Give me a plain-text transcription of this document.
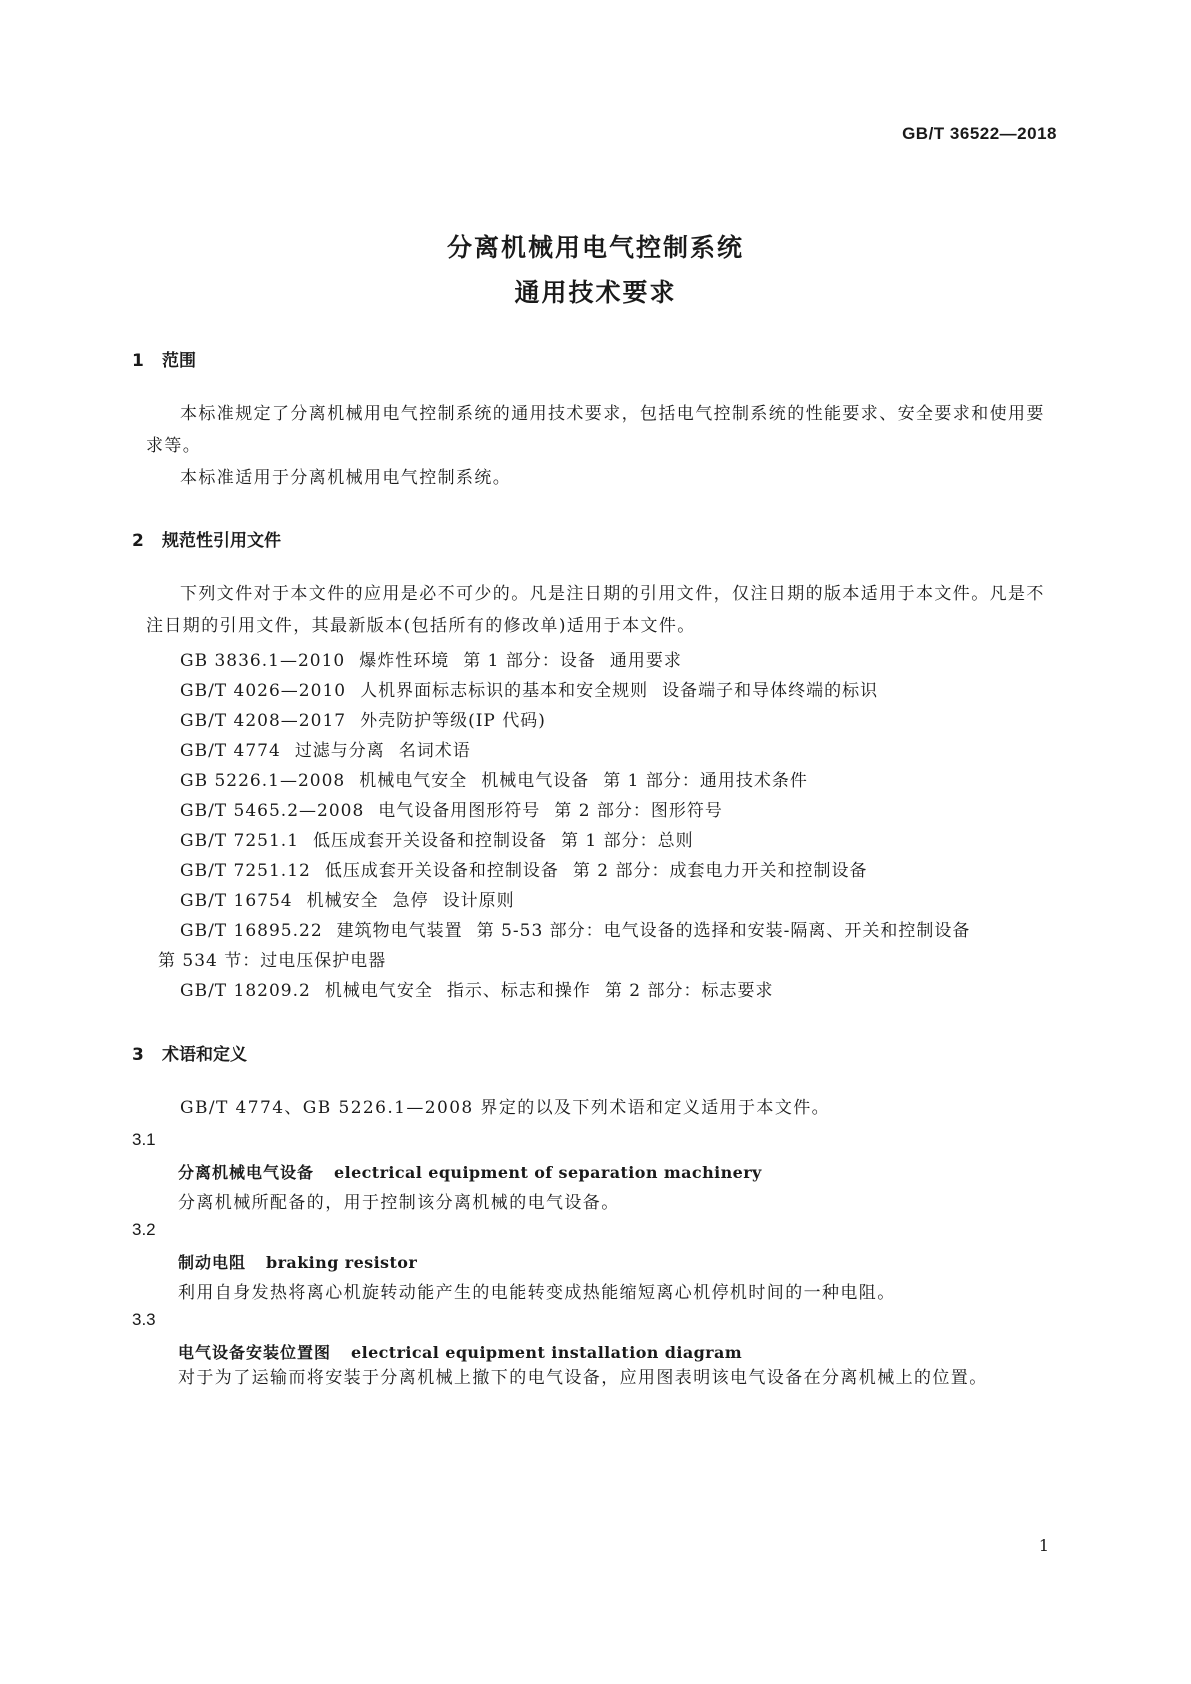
GB/T 36522—2018
分离机械用电气控制系统
通用技术要求
1 范围
本标准规定了分离机械用电气控制系统的通用技术要求，包括电气控制系统的性能要求、安全要求和使用要求等。
本标准适用于分离机械用电气控制系统。
2 规范性引用文件
下列文件对于本文件的应用是必不可少的。凡是注日期的引用文件，仅注日期的版本适用于本文件。凡是不注日期的引用文件，其最新版本(包括所有的修改单)适用于本文件。
GB 3836.1—2010 爆炸性环境 第 1 部分：设备 通用要求
GB/T 4026—2010 人机界面标志标识的基本和安全规则 设备端子和导体终端的标识
GB/T 4208—2017 外壳防护等级(IP 代码)
GB/T 4774 过滤与分离 名词术语
GB 5226.1—2008 机械电气安全 机械电气设备 第 1 部分：通用技术条件
GB/T 5465.2—2008 电气设备用图形符号 第 2 部分：图形符号
GB/T 7251.1 低压成套开关设备和控制设备 第 1 部分：总则
GB/T 7251.12 低压成套开关设备和控制设备 第 2 部分：成套电力开关和控制设备
GB/T 16754 机械安全 急停 设计原则
GB/T 16895.22 建筑物电气装置 第 5-53 部分：电气设备的选择和安装-隔离、开关和控制设备
第 534 节：过电压保护电器
GB/T 18209.2 机械电气安全 指示、标志和操作 第 2 部分：标志要求
3 术语和定义
GB/T 4774、GB 5226.1—2008 界定的以及下列术语和定义适用于本文件。
3.1
分离机械电气设备 electrical equipment of separation machinery
分离机械所配备的，用于控制该分离机械的电气设备。
3.2
制动电阻 braking resistor
利用自身发热将离心机旋转动能产生的电能转变成热能缩短离心机停机时间的一种电阻。
3.3
电气设备安装位置图 electrical equipment installation diagram
对于为了运输而将安装于分离机械上撤下的电气设备，应用图表明该电气设备在分离机械上的位置。
1
